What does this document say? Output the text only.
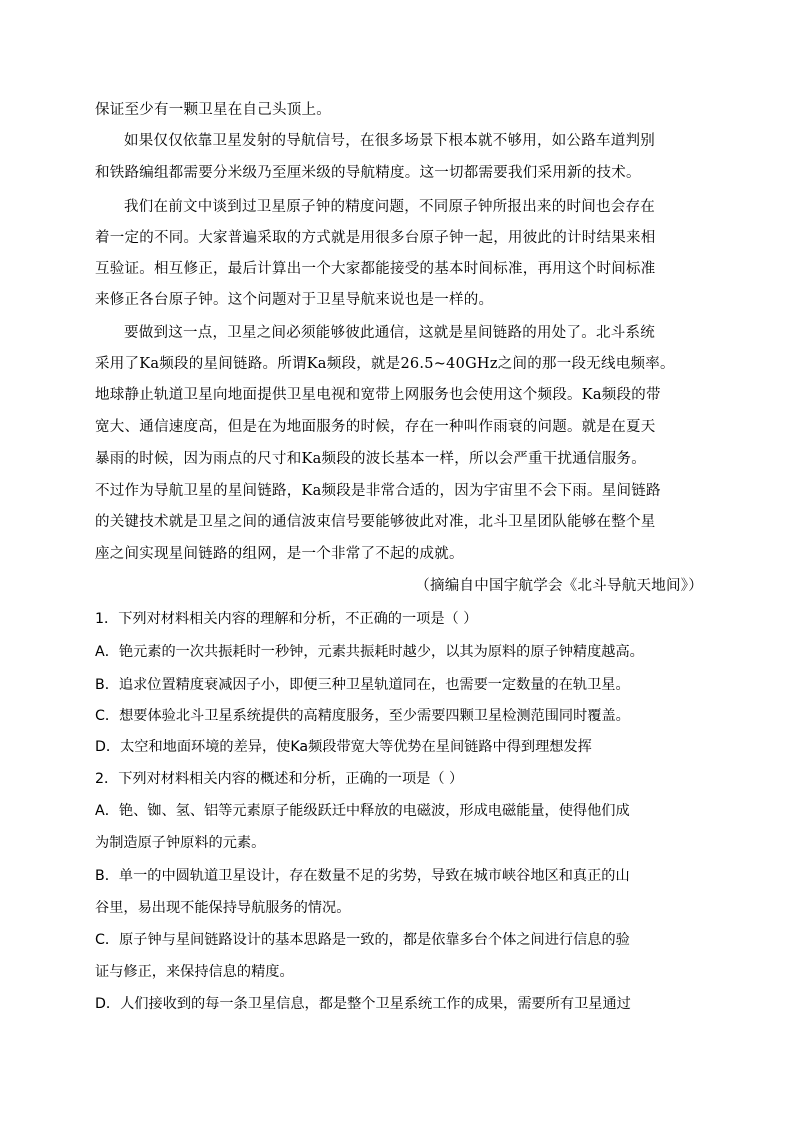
保证至少有一颗卫星在自己头顶上。
如果仅仅依靠卫星发射的导航信号，在很多场景下根本就不够用，如公路车道判别
和铁路编组都需要分米级乃至厘米级的导航精度。这一切都需要我们采用新的技术。
我们在前文中谈到过卫星原子钟的精度问题，不同原子钟所报出来的时间也会存在
着一定的不同。大家普遍采取的方式就是用很多台原子钟一起，用彼此的计时结果来相
互验证。相互修正，最后计算出一个大家都能接受的基本时间标准，再用这个时间标准
来修正各台原子钟。这个问题对于卫星导航来说也是一样的。
要做到这一点，卫星之间必须能够彼此通信，这就是星间链路的用处了。北斗系统
采用了Ka频段的星间链路。所谓Ka频段，就是26.5~40GHz之间的那一段无线电频率。
地球静止轨道卫星向地面提供卫星电视和宽带上网服务也会使用这个频段。Ka频段的带
宽大、通信速度高，但是在为地面服务的时候，存在一种叫作雨衰的问题。就是在夏天
暴雨的时候，因为雨点的尺寸和Ka频段的波长基本一样，所以会严重干扰通信服务。
不过作为导航卫星的星间链路，Ka频段是非常合适的，因为宇宙里不会下雨。星间链路
的关键技术就是卫星之间的通信波束信号要能够彼此对准，北斗卫星团队能够在整个星
座之间实现星间链路的组网，是一个非常了不起的成就。
（摘编自中国宇航学会《北斗导航天地间》）
1．下列对材料相关内容的理解和分析，不正确的一项是（ ）
A．铯元素的一次共振耗时一秒钟，元素共振耗时越少，以其为原料的原子钟精度越高。
B．追求位置精度衰减因子小，即便三种卫星轨道同在，也需要一定数量的在轨卫星。
C．想要体验北斗卫星系统提供的高精度服务，至少需要四颗卫星检测范围同时覆盖。
D．太空和地面环境的差异，使Ka频段带宽大等优势在星间链路中得到理想发挥
2．下列对材料相关内容的概述和分析，正确的一项是（ ）
A．铯、铷、氢、铝等元素原子能级跃迁中释放的电磁波，形成电磁能量，使得他们成
为制造原子钟原料的元素。
B．单一的中圆轨道卫星设计，存在数量不足的劣势，导致在城市峡谷地区和真正的山
谷里，易出现不能保持导航服务的情况。
C．原子钟与星间链路设计的基本思路是一致的，都是依靠多台个体之间进行信息的验
证与修正，来保持信息的精度。
D．人们接收到的每一条卫星信息，都是整个卫星系统工作的成果，需要所有卫星通过
